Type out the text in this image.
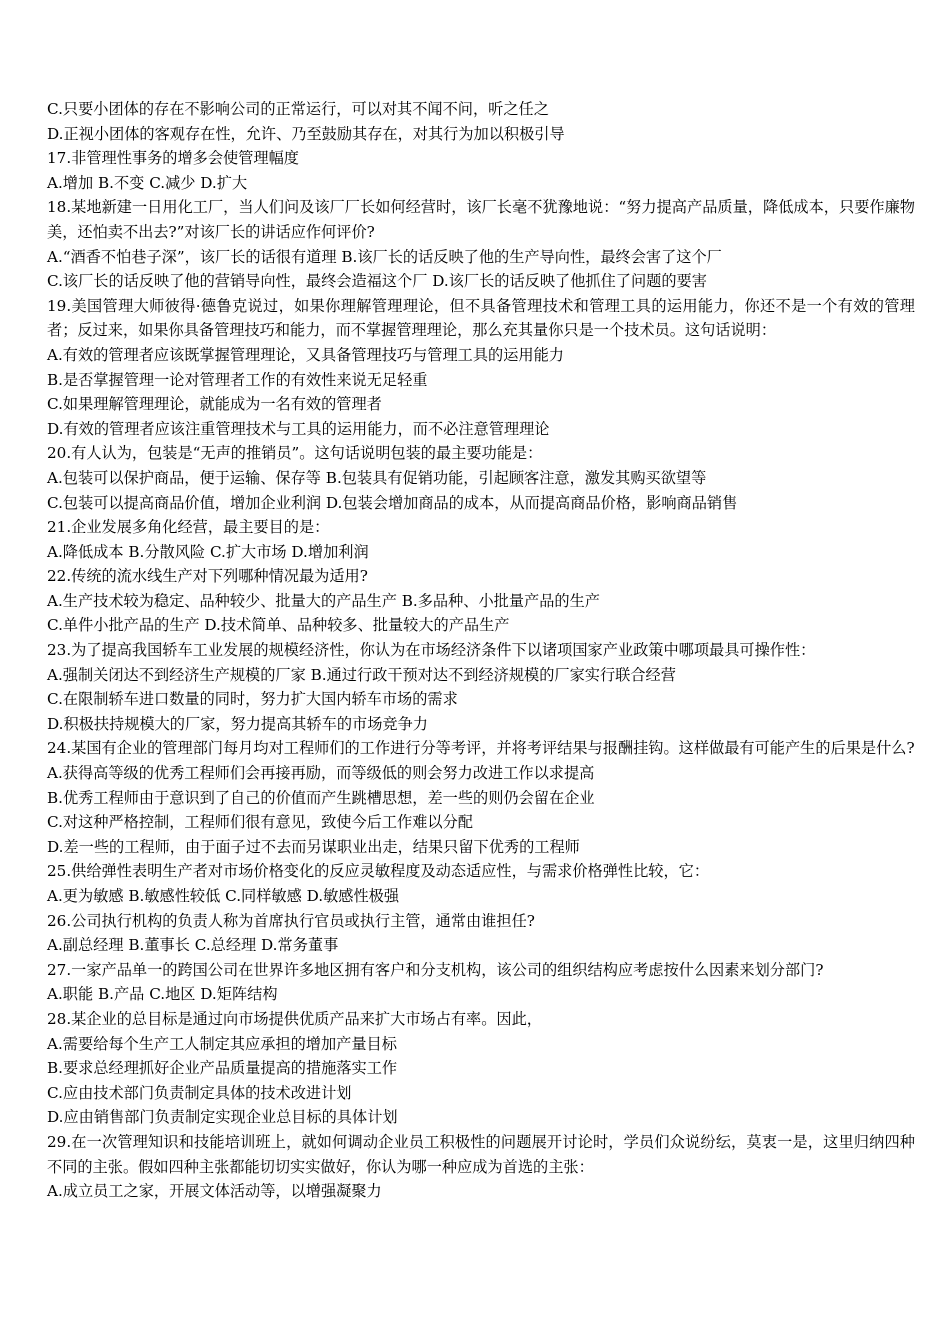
C.只要小团体的存在不影响公司的正常运行，可以对其不闻不问，听之任之
D.正视小团体的客观存在性，允许、乃至鼓励其存在，对其行为加以积极引导
17.非管理性事务的增多会使管理幅度
A.增加 B.不变 C.减少 D.扩大
18.某地新建一日用化工厂，当人们问及该厂厂长如何经营时，该厂长毫不犹豫地说：“努力提高产品质量，降低成本，只要作廉物美，还怕卖不出去?”对该厂长的讲话应作何评价?
A.“酒香不怕巷子深”，该厂长的话很有道理 B.该厂长的话反映了他的生产导向性，最终会害了这个厂
C.该厂长的话反映了他的营销导向性，最终会造福这个厂 D.该厂长的话反映了他抓住了问题的要害
19.美国管理大师彼得·德鲁克说过，如果你理解管理理论，但不具备管理技术和管理工具的运用能力，你还不是一个有效的管理者；反过来，如果你具备管理技巧和能力，而不掌握管理理论，那么充其量你只是一个技术员。这句话说明：
A.有效的管理者应该既掌握管理理论，又具备管理技巧与管理工具的运用能力
B.是否掌握管理一论对管理者工作的有效性来说无足轻重
C.如果理解管理理论，就能成为一名有效的管理者
D.有效的管理者应该注重管理技术与工具的运用能力，而不必注意管理理论
20.有人认为，包装是“无声的推销员”。这句话说明包装的最主要功能是：
A.包装可以保护商品，便于运输、保存等 B.包装具有促销功能，引起顾客注意，激发其购买欲望等
C.包装可以提高商品价值，增加企业利润 D.包装会增加商品的成本，从而提高商品价格，影响商品销售
21.企业发展多角化经营，最主要目的是：
A.降低成本 B.分散风险 C.扩大市场 D.增加利润
22.传统的流水线生产对下列哪种情况最为适用?
A.生产技术较为稳定、品种较少、批量大的产品生产 B.多品种、小批量产品的生产
C.单件小批产品的生产 D.技术简单、品种较多、批量较大的产品生产
23.为了提高我国轿车工业发展的规模经济性，你认为在市场经济条件下以诸项国家产业政策中哪项最具可操作性：
A.强制关闭达不到经济生产规模的厂家 B.通过行政干预对达不到经济规模的厂家实行联合经营
C.在限制轿车进口数量的同时，努力扩大国内轿车市场的需求
D.积极扶持规模大的厂家，努力提高其轿车的市场竞争力
24.某国有企业的管理部门每月均对工程师们的工作进行分等考评，并将考评结果与报酬挂钩。这样做最有可能产生的后果是什么?
A.获得高等级的优秀工程师们会再接再励，而等级低的则会努力改进工作以求提高
B.优秀工程师由于意识到了自己的价值而产生跳槽思想，差一些的则仍会留在企业
C.对这种严格控制，工程师们很有意见，致使今后工作难以分配
D.差一些的工程师，由于面子过不去而另谋职业出走，结果只留下优秀的工程师
25.供给弹性表明生产者对市场价格变化的反应灵敏程度及动态适应性，与需求价格弹性比较，它：
A.更为敏感 B.敏感性较低 C.同样敏感 D.敏感性极强
26.公司执行机构的负责人称为首席执行官员或执行主管，通常由谁担任?
A.副总经理 B.董事长 C.总经理 D.常务董事
27.一家产品单一的跨国公司在世界许多地区拥有客户和分支机构，该公司的组织结构应考虑按什么因素来划分部门?
A.职能 B.产品 C.地区 D.矩阵结构
28.某企业的总目标是通过向市场提供优质产品来扩大市场占有率。因此，
A.需要给每个生产工人制定其应承担的增加产量目标
B.要求总经理抓好企业产品质量提高的措施落实工作
C.应由技术部门负责制定具体的技术改进计划
D.应由销售部门负责制定实现企业总目标的具体计划
29.在一次管理知识和技能培训班上，就如何调动企业员工积极性的问题展开讨论时，学员们众说纷纭，莫衷一是，这里归纳四种不同的主张。假如四种主张都能切切实实做好，你认为哪一种应成为首选的主张：
A.成立员工之家，开展文体活动等，以增强凝聚力
